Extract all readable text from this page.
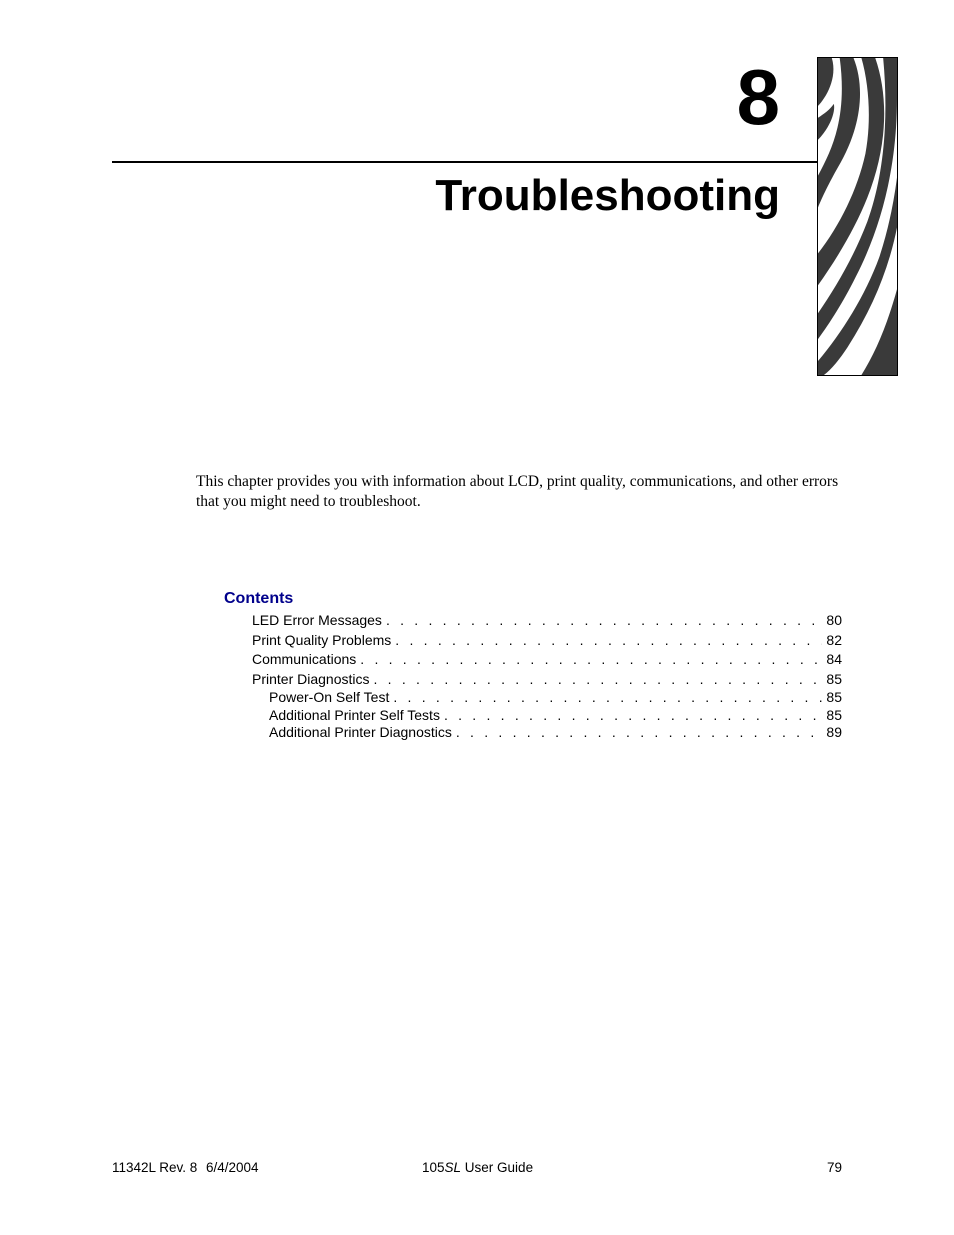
8
Troubleshooting

This chapter provides you with information about LCD, print quality, communications, and other errors that you might need to troubleshoot.

Contents
LED Error Messages . . .	80
Print Quality Problems . . .	82
Communications . . .	84
Printer Diagnostics . . .	85
Power-On Self Test . . .	85
Additional Printer Self Tests . . .	85
Additional Printer Diagnostics . . .	89
11342L Rev. 8 6/4/2004	105SL User Guide	79
